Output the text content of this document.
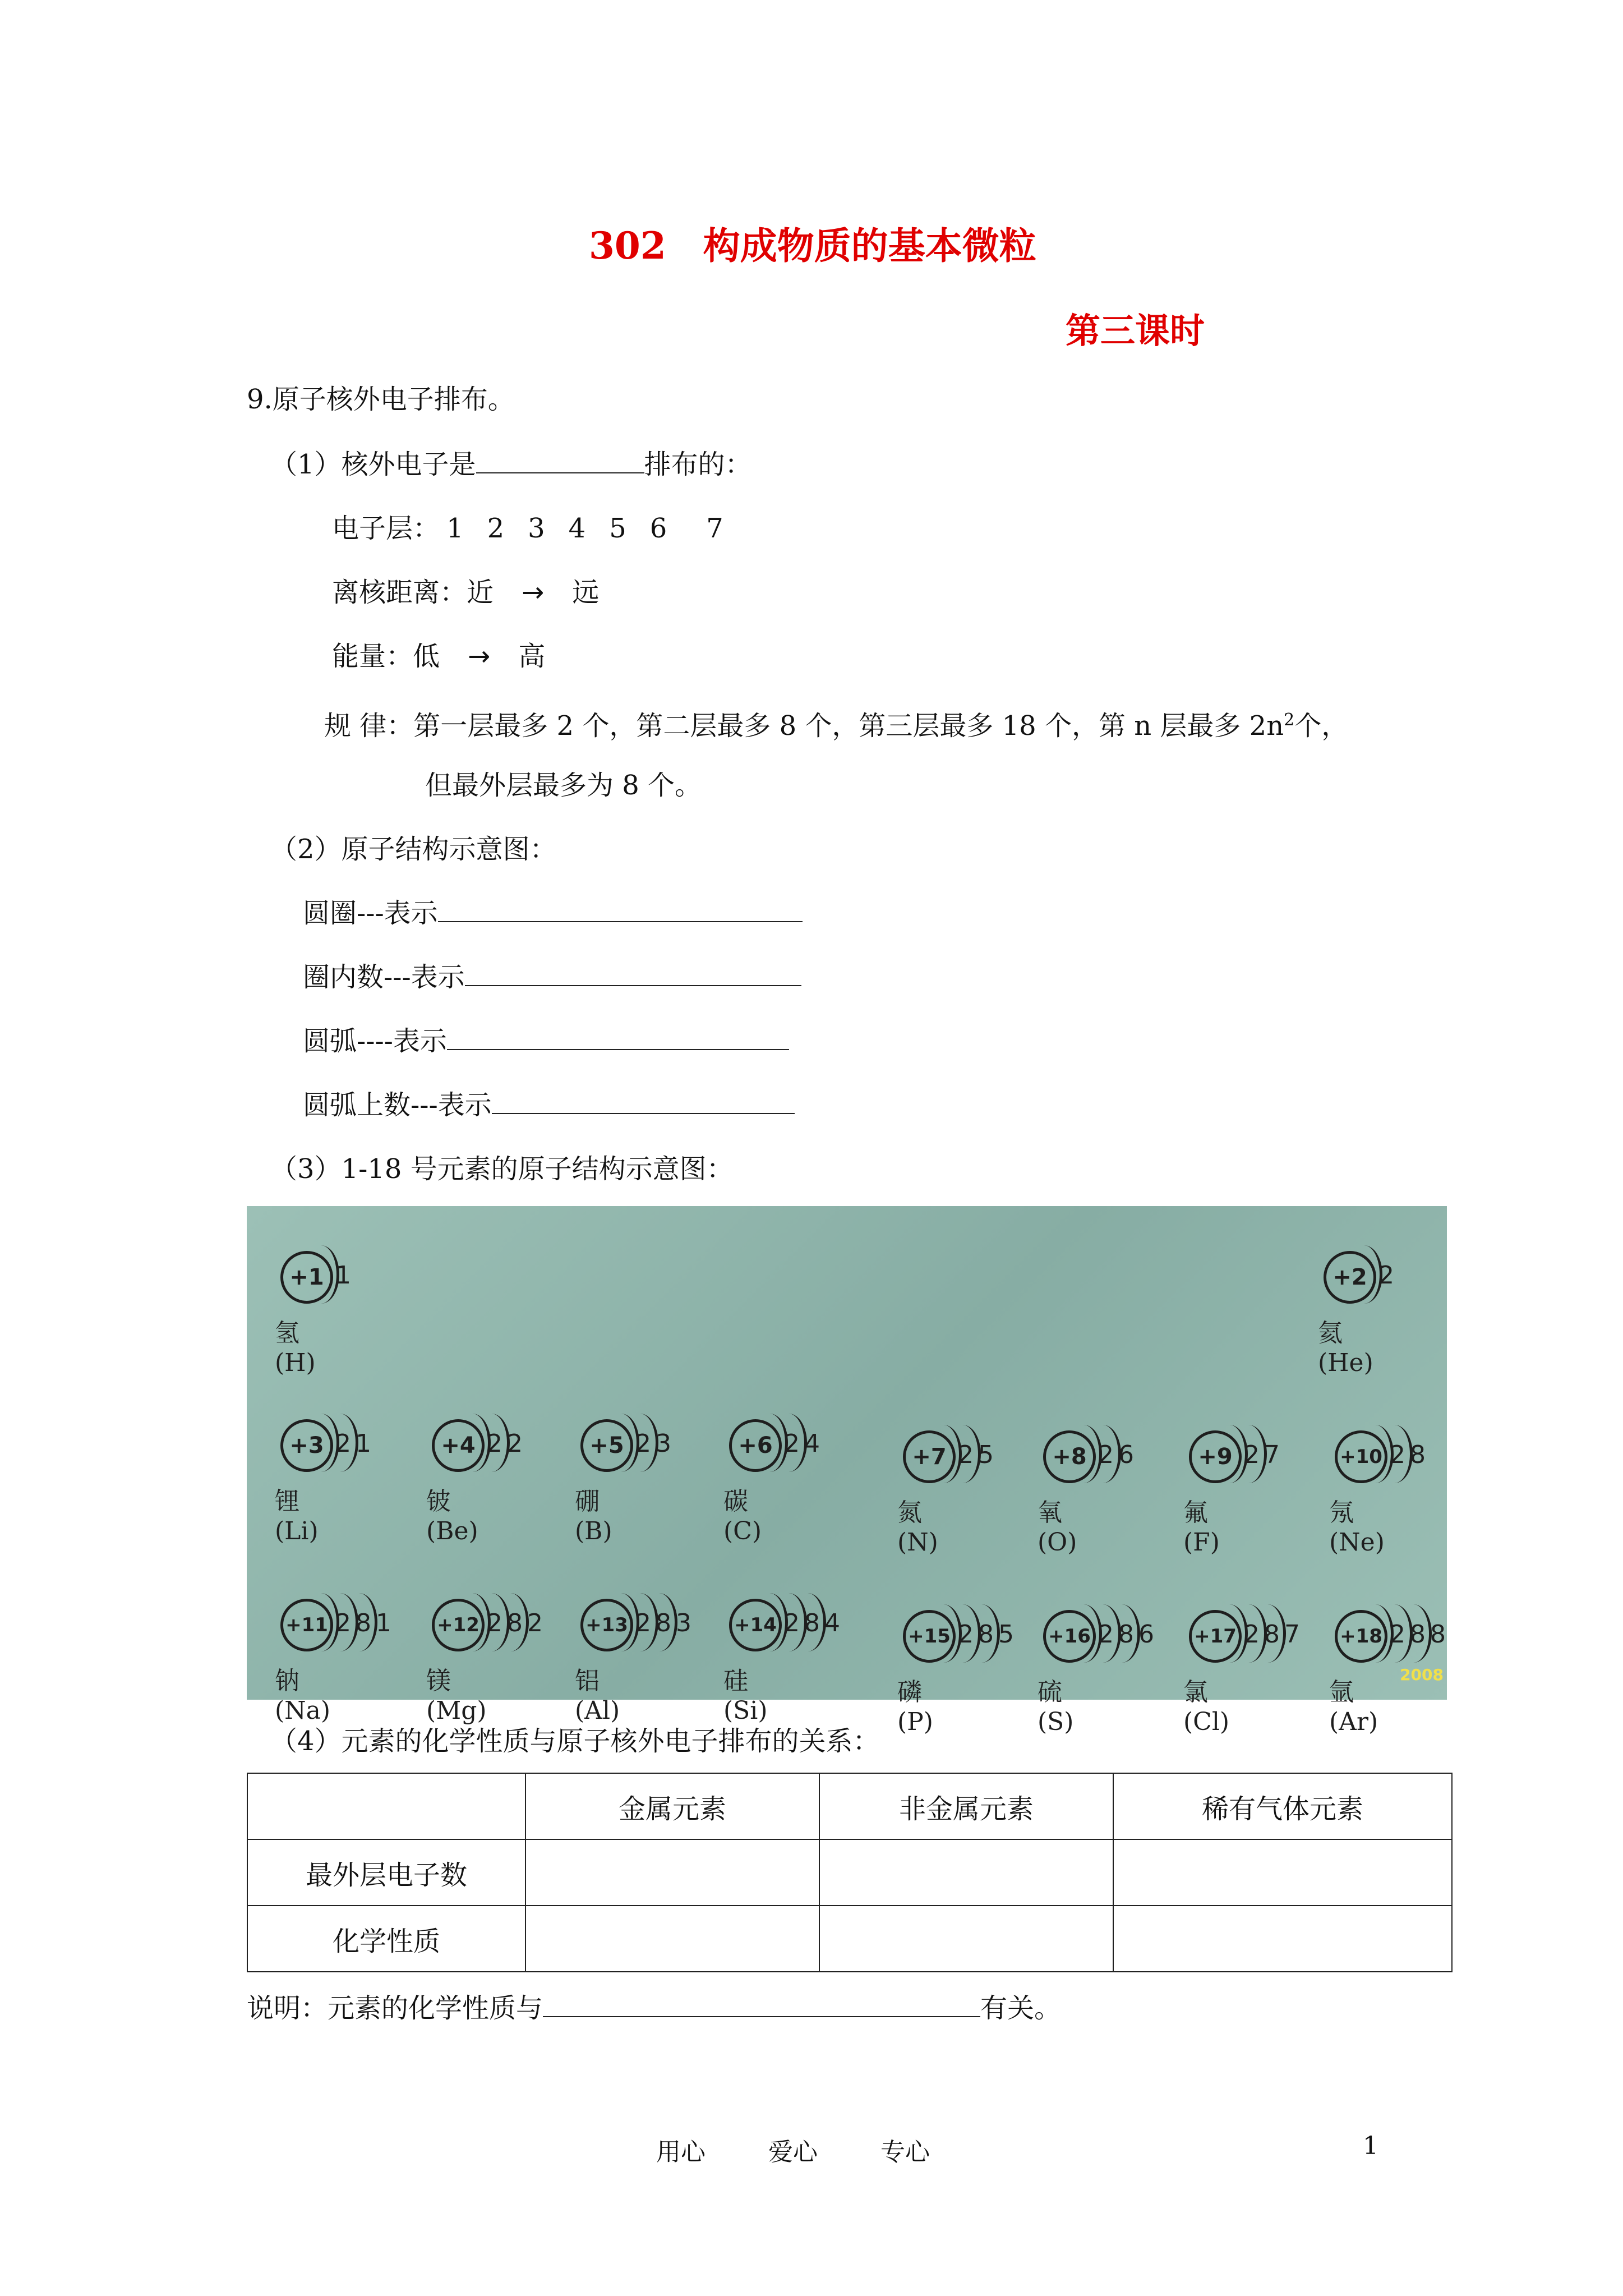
302　构成物质的基本微粒
第三课时
9.原子核外电子排布。
（1）核外电子是	排布的：
电子层： 1 2 3 4 5 6 7
离核距离：近 → 远
能量：低 → 高
规 律：第一层最多 2 个，第二层最多 8 个，第三层最多 18 个，第 n 层最多 $2n^2$个，
但最外层最多为 8 个。
（2）原子结构示意图：
圆圈---表示
圈内数---表示
圆弧----表示
圆弧上数---表示
（3）1-18 号元素的原子结构示意图：
2008
+1 1
氢(H)
+2 2
氦(He)
+3 21
锂(Li)
+4 22
铍(Be)
+5 23
硼(B)
+6 24
碳(C)
+7 25
氮(N)
+8 26
氧(O)
+9 27
氟(F)
+10 28
氖(Ne)
+11 281
钠(Na)
+12 282
镁(Mg)
+13 283
铝(Al)
+14 284
硅(Si)
+15 285
磷(P)
+16 286
硫(S)
+17 287
氯(Cl)
+18 288
氩(Ar)
（4）元素的化学性质与原子核外电子排布的关系：
	金属元素	非金属元素	稀有气体元素
最外层电子数			
化学性质			
说明：元素的化学性质与	有关。
用心	爱心	专心	1
